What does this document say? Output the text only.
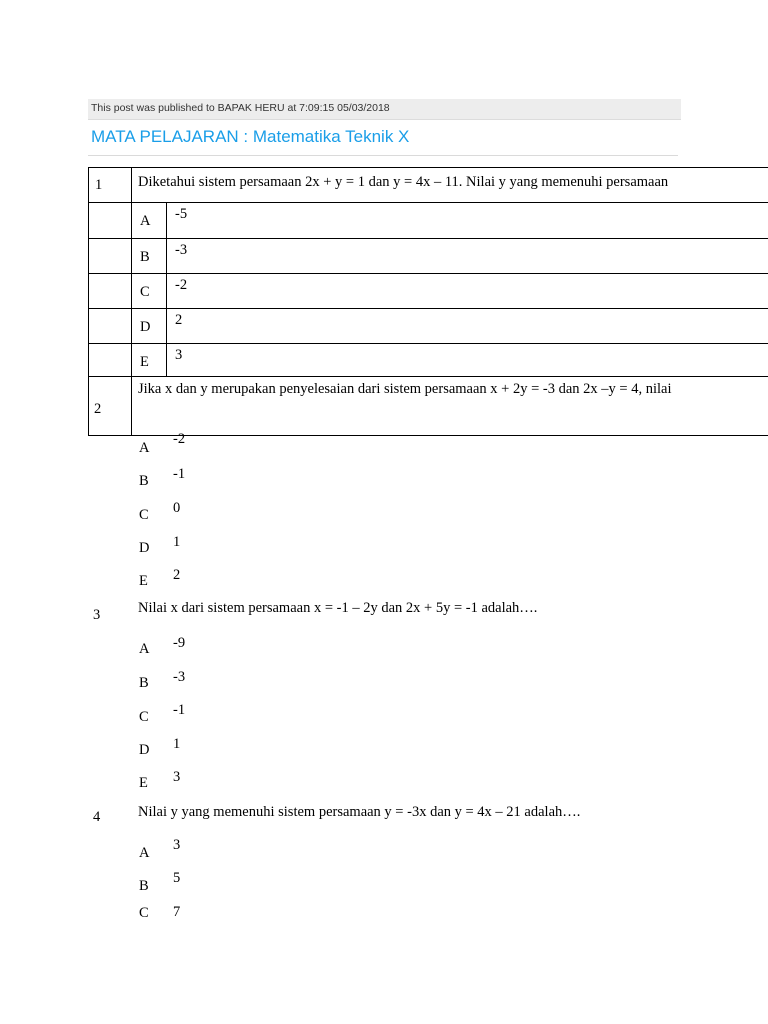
This post was published to BAPAK HERU at 7:09:15 05/03/2018
MATA PELAJARAN : Matematika Teknik X
1 Diketahui sistem persamaan 2x + y = 1 dan y = 4x – 11. Nilai y yang memenuhi persamaan
A -5
B -3
C -2
D 2
E 3
2
Jika x dan y merupakan penyelesaian dari sistem persamaan x + 2y = -3 dan 2x –y = 4, nilai
A
-2
B -1
C 0
D 1
E 2
3	Nilai x dari sistem persamaan x = -1 – 2y dan 2x + 5y = -1 adalah….
A -9
B -3
C -1
D 1
E 3
4	Nilai y yang memenuhi sistem persamaan y = -3x dan y = 4x – 21 adalah….
A 3
B 5
C 7
